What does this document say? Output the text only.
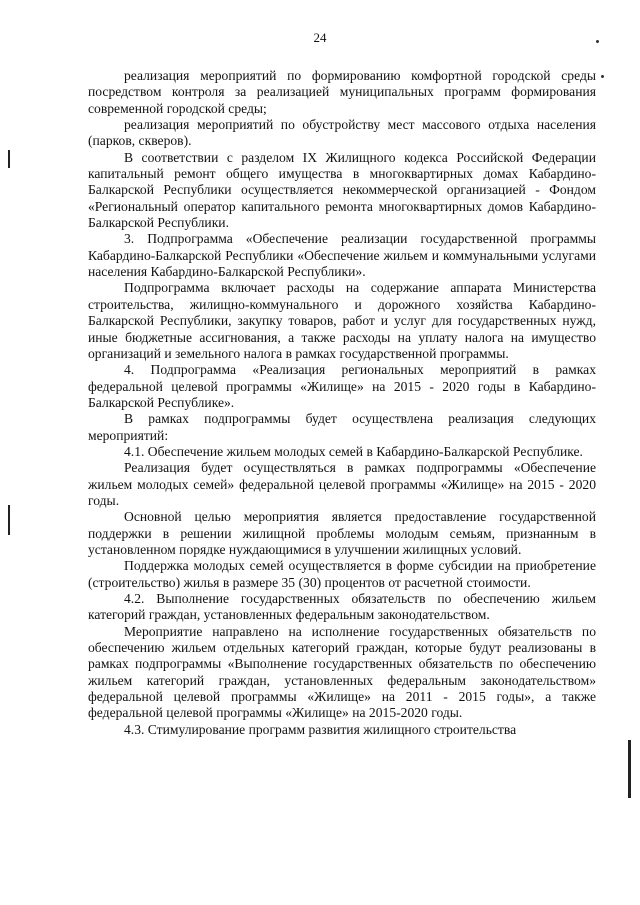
24

реализация мероприятий по формированию комфортной городской среды посредством контроля за реализацией муниципальных программ формирования современной городской среды;

реализация мероприятий по обустройству мест массового отдыха населения (парков, скверов).

В соответствии с разделом IX Жилищного кодекса Российской Федерации капитальный ремонт общего имущества в многоквартирных домах Кабардино-Балкарской Республики осуществляется некоммерческой организацией - Фондом «Региональный оператор капитального ремонта многоквартирных домов Кабардино-Балкарской Республики.

3. Подпрограмма «Обеспечение реализации государственной программы Кабардино-Балкарской Республики «Обеспечение жильем и коммунальными услугами населения Кабардино-Балкарской Республики».

Подпрограмма включает расходы на содержание аппарата Министерства строительства, жилищно-коммунального и дорожного хозяйства Кабардино-Балкарской Республики, закупку товаров, работ и услуг для государственных нужд, иные бюджетные ассигнования, а также расходы на уплату налога на имущество организаций и земельного налога в рамках государственной программы.

4. Подпрограмма «Реализация региональных мероприятий в рамках федеральной целевой программы «Жилище» на 2015 - 2020 годы в Кабардино-Балкарской Республике».

В рамках подпрограммы будет осуществлена реализация следующих мероприятий:

4.1. Обеспечение жильем молодых семей в Кабардино-Балкарской Республике.

Реализация будет осуществляться в рамках подпрограммы «Обеспечение жильем молодых семей» федеральной целевой программы «Жилище» на 2015 - 2020 годы.

Основной целью мероприятия является предоставление государственной поддержки в решении жилищной проблемы молодым семьям, признанным в установленном порядке нуждающимися в улучшении жилищных условий.

Поддержка молодых семей осуществляется в форме субсидии на приобретение (строительство) жилья в размере 35 (30) процентов от расчетной стоимости.

4.2. Выполнение государственных обязательств по обеспечению жильем категорий граждан, установленных федеральным законодательством.

Мероприятие направлено на исполнение государственных обязательств по обеспечению жильем отдельных категорий граждан, которые будут реализованы в рамках подпрограммы «Выполнение государственных обязательств по обеспечению жильем категорий граждан, установленных федеральным законодательством» федеральной целевой программы «Жилище» на 2011 - 2015 годы», а также федеральной целевой программы «Жилище» на 2015-2020 годы.

4.3. Стимулирование программ развития жилищного строительства
